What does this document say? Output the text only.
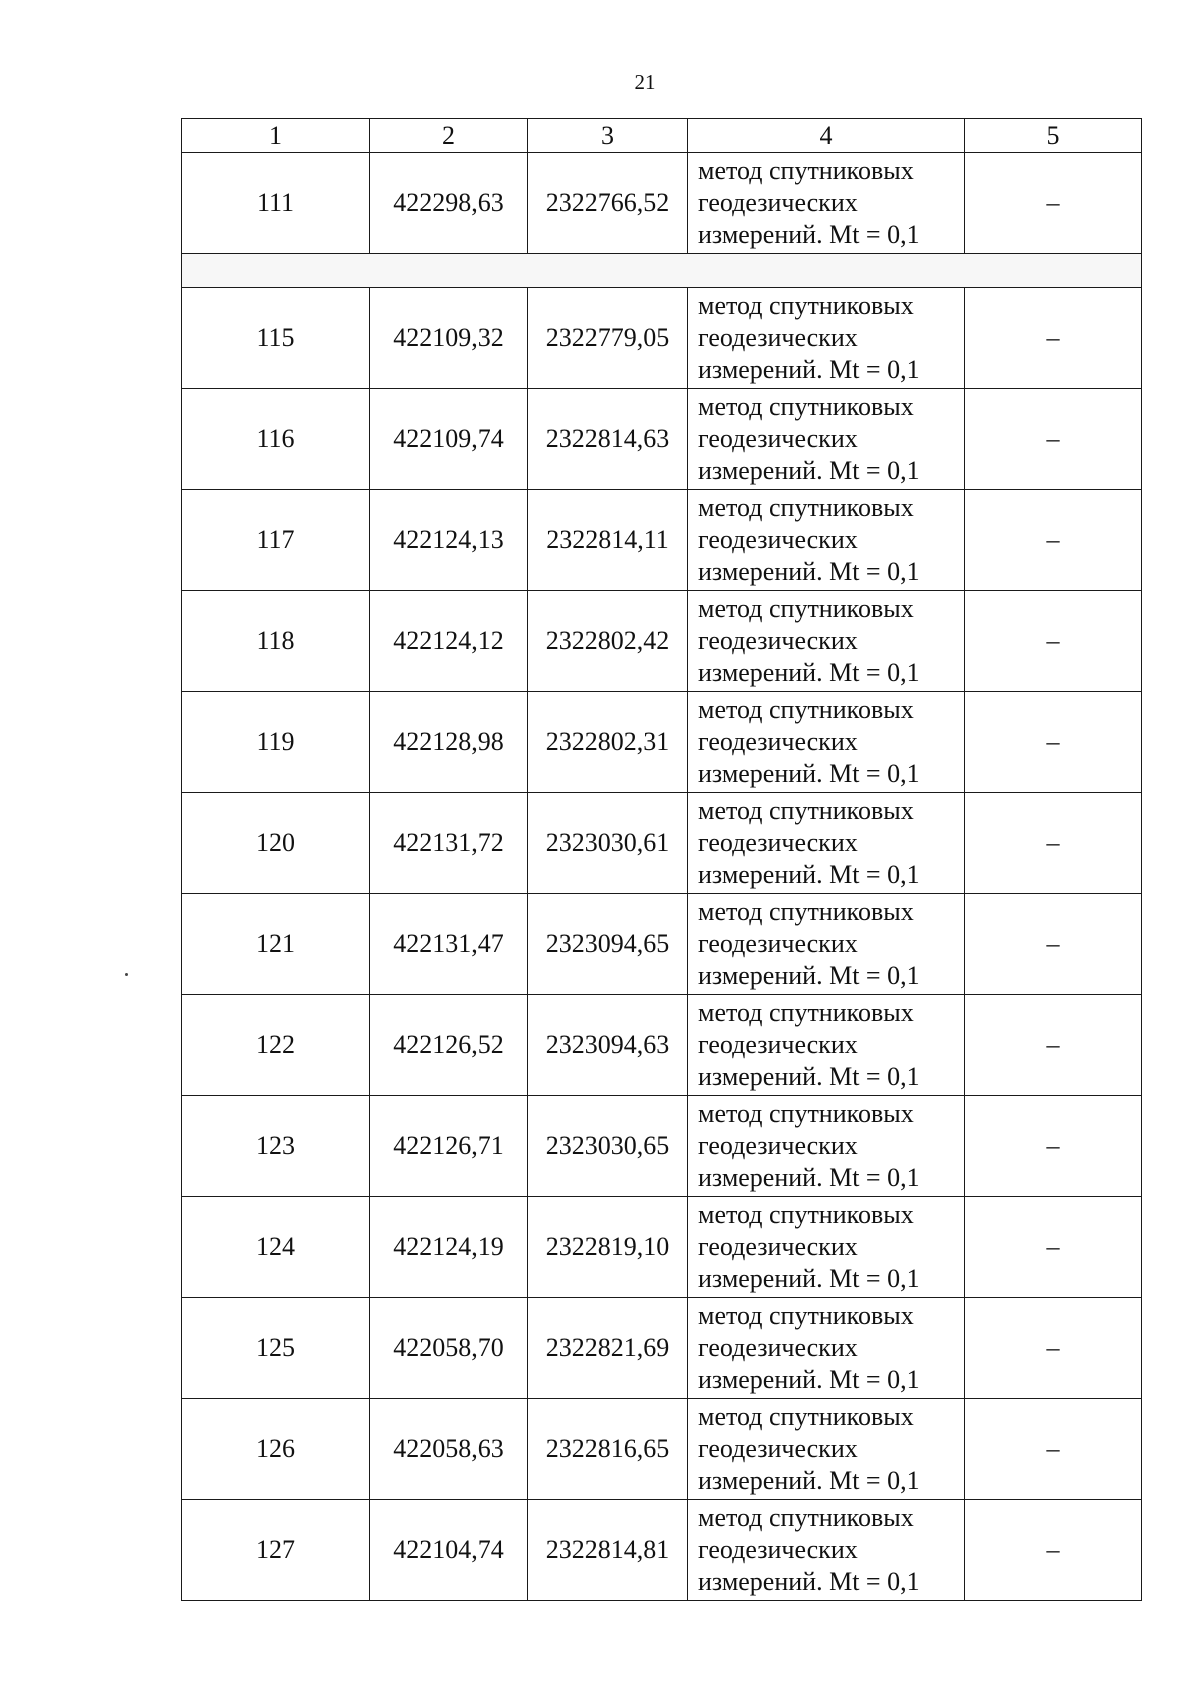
21
1	2	3	4	5
111	422298,63	2322766,52	метод спутниковых
геодезических
измерений. Mt = 0,1	–

115	422109,32	2322779,05	метод спутниковых
геодезических
измерений. Mt = 0,1	–
116	422109,74	2322814,63	метод спутниковых
геодезических
измерений. Mt = 0,1	–
117	422124,13	2322814,11	метод спутниковых
геодезических
измерений. Mt = 0,1	–
118	422124,12	2322802,42	метод спутниковых
геодезических
измерений. Mt = 0,1	–
119	422128,98	2322802,31	метод спутниковых
геодезических
измерений. Mt = 0,1	–
120	422131,72	2323030,61	метод спутниковых
геодезических
измерений. Mt = 0,1	–
121	422131,47	2323094,65	метод спутниковых
геодезических
измерений. Mt = 0,1	–
122	422126,52	2323094,63	метод спутниковых
геодезических
измерений. Mt = 0,1	–
123	422126,71	2323030,65	метод спутниковых
геодезических
измерений. Mt = 0,1	–
124	422124,19	2322819,10	метод спутниковых
геодезических
измерений. Mt = 0,1	–
125	422058,70	2322821,69	метод спутниковых
геодезических
измерений. Mt = 0,1	–
126	422058,63	2322816,65	метод спутниковых
геодезических
измерений. Mt = 0,1	–
127	422104,74	2322814,81	метод спутниковых
геодезических
измерений. Mt = 0,1	–
